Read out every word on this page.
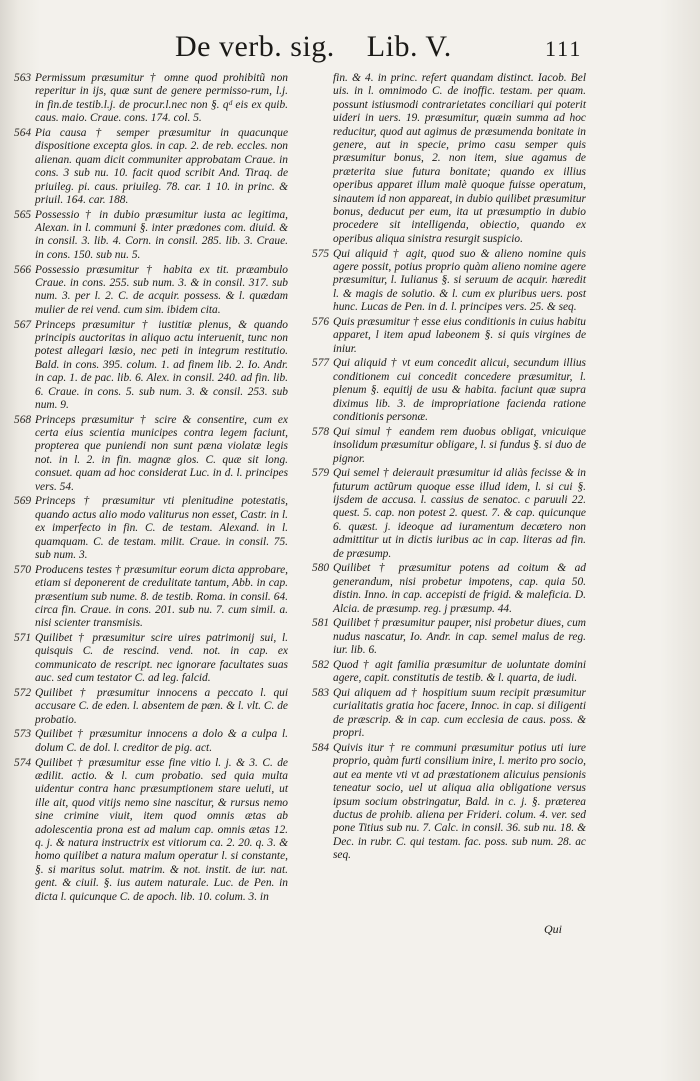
De verb. sig. Lib. V.	111

563 Permissum præsumitur † omne quod prohibitũ non reperitur in ijs, quæ sunt de genere permisso-rum, l.j. in fin.de testib.l.j. de procur.l.nec non §. qᵈ eis ex quib. caus. maio. Craue. cons. 174. col. 5.

564 Pia causa † semper præsumitur in quacunque dispositione excepta glos. in cap. 2. de reb. eccles. non alienan. quam dicit communiter approbatam Craue. in cons. 3 sub nu. 10. facit quod scribit And. Tiraq. de priuileg. pi. caus. priuileg. 78. car. 1 10. in princ. & priuil. 164. car. 188.

565 Possessio † in dubio præsumitur iusta ac legitima, Alexan. in l. communi §. inter prædones com. diuid. & in consil. 3. lib. 4. Corn. in consil. 285. lib. 3. Craue. in cons. 150. sub nu. 5.

566 Possessio præsumitur † habita ex tit. præambulo Craue. in cons. 255. sub num. 3. & in consil. 317. sub num. 3. per l. 2. C. de acquir. possess. & l. quædam mulier de rei vend. cum sim. ibidem cita.

567 Princeps præsumitur † iustitiæ plenus, & quando principis auctoritas in aliquo actu interuenit, tunc non potest allegari læsio, nec peti in integrum restitutio. Bald. in cons. 395. colum. 1. ad finem lib. 2. Io. Andr. in cap. 1. de pac. lib. 6. Alex. in consil. 240. ad fin. lib. 6. Craue. in cons. 5. sub num. 3. & consil. 253. sub num. 9.

568 Princeps præsumitur † scire & consentire, cum ex certa eius scientia municipes contra legem faciunt, propterea que puniendi non sunt pæna violatæ legis not. in l. 2. in fin. magnæ glos. C. quæ sit long. consuet. quam ad hoc considerat Luc. in d. l. principes vers. 54.

569 Princeps † præsumitur vti plenitudine potestatis, quando actus alio modo valiturus non esset, Castr. in l. ex imperfecto in fin. C. de testam. Alexand. in l. quamquam. C. de testam. milit. Craue. in consil. 75. sub num. 3.

570 Producens testes † præsumitur eorum dicta approbare, etiam si deponerent de credulitate tantum, Abb. in cap. præsentium sub nume. 8. de testib. Roma. in consil. 64. circa fin. Craue. in cons. 201. sub nu. 7. cum simil. a. nisi scienter transmisis.

571 Quilibet † præsumitur scire uires patrimonij sui, l. quisquis C. de rescind. vend. not. in cap. ex communicato de rescript. nec ignorare facultates suas auc. sed cum testator C. ad leg. falcid.

572 Quilibet † præsumitur innocens a peccato l. qui accusare C. de eden. l. absentem de pæn. & l. vlt. C. de probatio.

573 Quilibet † præsumitur innocens a dolo & a culpa l. dolum C. de dol. l. creditor de pig. act.

574 Quilibet † præsumitur esse fine vitio l. j. & 3. C. de ædilit. actio. & l. cum probatio. sed quia multa uidentur contra hanc præsumptionem stare ueluti, ut ille ait, quod vitijs nemo sine nascitur, & rursus nemo sine crimine viuit, item quod omnis ætas ab adolescentia prona est ad malum cap. omnis ætas 12. q. j. & natura instructrix est vitiorum ca. 2. 20. q. 3. & homo quilibet a natura malum operatur l. si constante, §. si maritus solut. matrim. & not. instit. de iur. nat. gent. & ciuil. §. ius autem naturale. Luc. de Pen. in dicta l. quicunque C. de apoch. lib. 10. colum. 3. in

fin. & 4. in princ. refert quandam distinct. Iacob. Bel uis. in l. omnimodo C. de inoffic. testam. per quam. possunt istiusmodi contrarietates conciliari qui poterit uideri in uers. 19. præsumitur, quæin summa ad hoc reducitur, quod aut agimus de præsumenda bonitate in genere, aut in specie, primo casu semper quis præsumitur bonus, 2. non item, siue agamus de præterita siue futura bonitate; quando ex illius operibus apparet illum malè quoque fuisse operatum, sinautem id non appareat, in dubio quilibet præsumitur bonus, deducut per eum, ita ut præsumptio in dubio procedere sit intelligenda, obiectio, quando ex operibus aliqua sinistra resurgit suspicio.

575 Qui aliquid † agit, quod suo & alieno nomine quis agere possit, potius proprio quàm alieno nomine agere præsumitur, l. Iulianus §. si seruum de acquir. hæredit l. & magis de solutio. & l. cum ex pluribus uers. post hunc. Lucas de Pen. in d. l. principes vers. 25. & seq.

576 Quis præsumitur † esse eius conditionis in cuius habitu apparet, l item apud labeonem §. si quis virgines de iniur.

577 Qui aliquid † vt eum concedit alicui, secundum illius conditionem cui concedit concedere præsumitur, l. plenum §. equitij de usu & habita. faciunt quæ supra diximus lib. 3. de impropriatione facienda ratione conditionis personæ.

578 Qui simul † eandem rem duobus obligat, vnicuique insolidum præsumitur obligare, l. si fundus §. si duo de pignor.

579 Qui semel † deierauit præsumitur id aliàs fecisse & in futurum actũrum quoque esse illud idem, l. si cui §. ijsdem de accusa. l. cassius de senatoc. c paruuli 22. quest. 5. cap. non potest 2. quest. 7. & cap. quicunque 6. quæst. j. ideoque ad iuramentum decætero non admittitur ut in dictis iuribus ac in cap. literas ad fin. de præsump.

580 Quilibet † præsumitur potens ad coitum & ad generandum, nisi probetur impotens, cap. quia 50. distin. Inno. in cap. accepisti de frigid. & maleficia. D. Alcia. de præsump. reg. j præsump. 44.

581 Quilibet † præsumitur pauper, nisi probetur diues, cum nudus nascatur, Io. Andr. in cap. semel malus de reg. iur. lib. 6.

582 Quod † agit familia præsumitur de uoluntate domini agere, capit. constitutis de testib. & l. quarta, de iudi.

583 Qui aliquem ad † hospitium suum recipit præsumitur curialitatis gratia hoc facere, Innoc. in cap. si diligenti de præscrip. & in cap. cum ecclesia de caus. poss. & propri.

584 Quivis itur † re communi præsumitur potius uti iure proprio, quàm furti consilium inire, l. merito pro socio, aut ea mente vti vt ad præstationem alicuius pensionis teneatur socio, uel ut aliqua alia obligatione versus ipsum socium obstringatur, Bald. in c. j. §. præterea ductus de prohib. aliena per Frideri. colum. 4. ver. sed pone Titius sub nu. 7. Calc. in consil. 36. sub nu. 18. & Dec. in rubr. C. qui testam. fac. poss. sub num. 28. ac seq.

Qui
